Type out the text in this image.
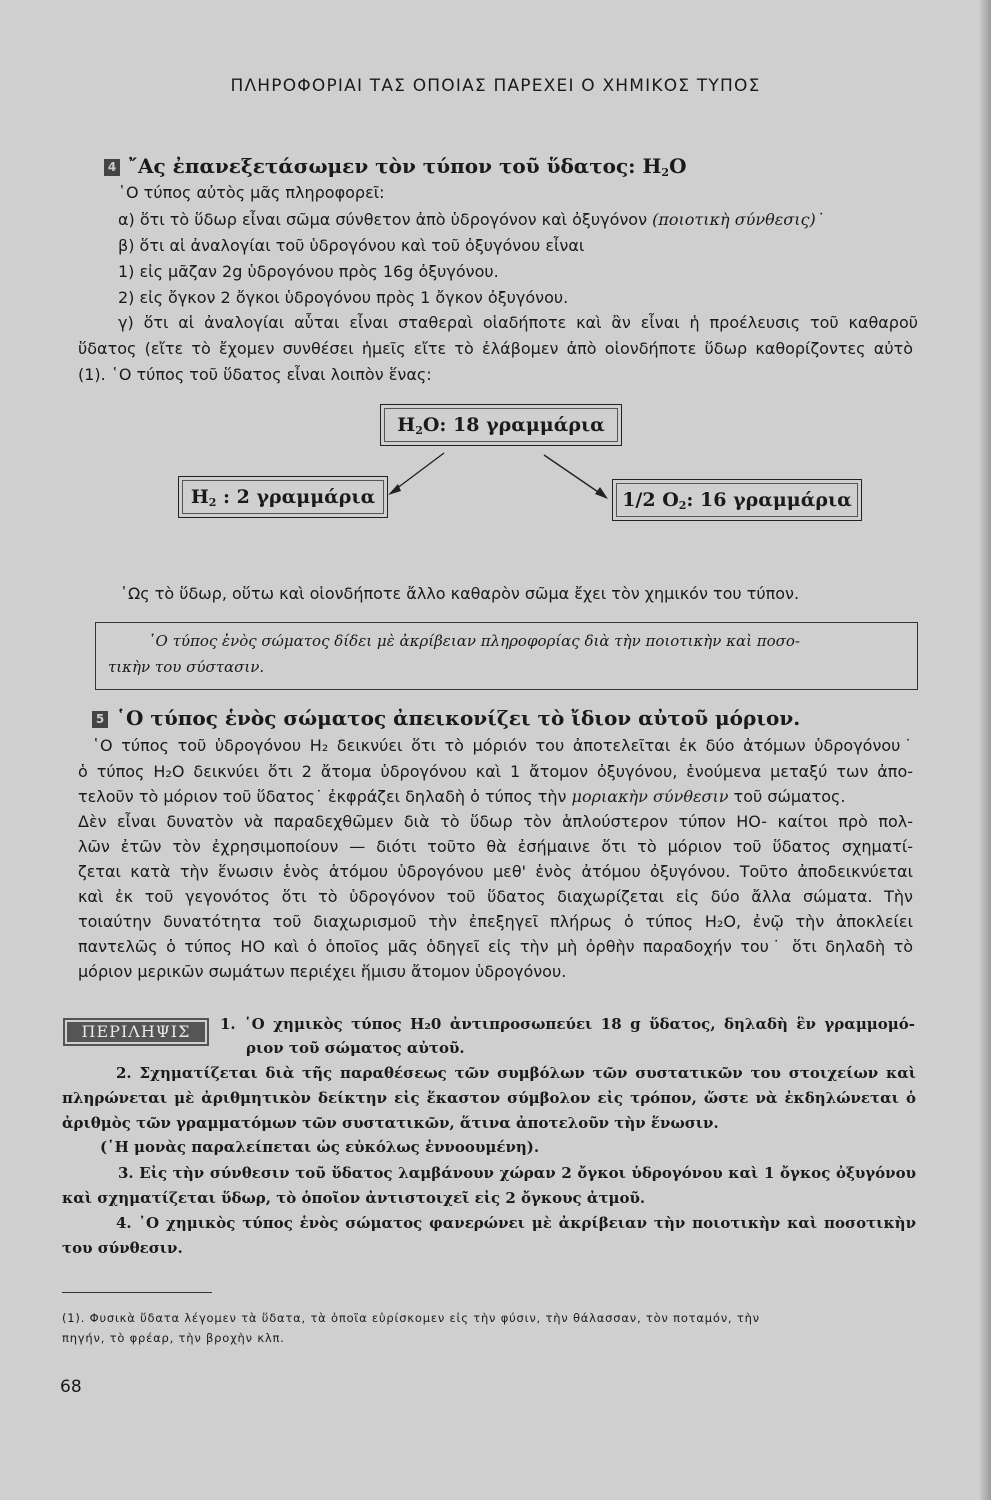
ΠΛΗΡΟΦΟΡΙΑΙ ΤΑΣ ΟΠΟΙΑΣ ΠΑΡΕΧΕΙ Ο ΧΗΜΙΚΟΣ ΤΥΠΟΣ
4 ῎Ας ἐπανεξετάσωμεν τὸν τύπον τοῦ ὕδατος: $H_2O$
῾Ο τύπος αὐτὸς μᾶς πληροφορεῖ:
α) ὅτι τὸ ὕδωρ εἶναι σῶμα σύνθετον ἀπὸ ὑδρογόνον καὶ ὀξυγόνον (ποιοτικὴ σύνθεσις)˙
β) ὅτι αἱ ἀναλογίαι τοῦ ὑδρογόνου καὶ τοῦ ὀξυγόνου εἶναι
1) εἰς μᾶζαν 2g ὑδρογόνου πρὸς 16g ὀξυγόνου.
2) εἰς ὄγκον 2 ὄγκοι ὑδρογόνου πρὸς 1 ὄγκον ὀξυγόνου.
γ) ὅτι αἱ ἀναλογίαι αὗται εἶναι σταθεραὶ οἱαδήποτε καὶ ἂν εἶναι ἡ προέλευσις τοῦ καθαροῦ
ὕδατος (εἴτε τὸ ἔχομεν συνθέσει ἡμεῖς εἴτε τὸ ἐλάβομεν ἀπὸ οἱονδήποτε ὕδωρ καθορίζοντες αὐτὸ
(1). ῾Ο τύπος τοῦ ὕδατος εἶναι λοιπὸν ἕνας:
$H_2O$: 18 γραμμάρια
$H_2$ : 2 γραμμάρια	1/2 $O_2$: 16 γραμμάρια
῾Ως τὸ ὕδωρ, οὕτω καὶ οἱονδήποτε ἄλλο καθαρὸν σῶμα ἔχει τὸν χημικόν του τύπον.
῾Ο τύπος ἑνὸς σώματος δίδει μὲ ἀκρίβειαν πληροφορίας διὰ τὴν ποιοτικὴν καὶ ποσο-
τικὴν του σύστασιν.
5 ῾Ο τύπος ἑνὸς σώματος ἀπεικονίζει τὸ ἴδιον αὐτοῦ μόριον.
῾Ο τύπος τοῦ ὑδρογόνου H₂ δεικνύει ὅτι τὸ μόριόν του ἀποτελεῖται ἐκ δύο ἀτόμων ὑδρογόνου˙
ὁ τύπος H₂O δεικνύει ὅτι 2 ἄτομα ὑδρογόνου καὶ 1 ἄτομον ὀξυγόνου, ἑνούμενα μεταξύ των ἀπο-
τελοῦν τὸ μόριον τοῦ ὕδατος˙ ἐκφράζει δηλαδὴ ὁ τύπος τὴν μοριακὴν σύνθεσιν τοῦ σώματος.
Δὲν εἶναι δυνατὸν νὰ παραδεχθῶμεν διὰ τὸ ὕδωρ τὸν ἁπλούστερον τύπον HO- καίτοι πρὸ πολ-
λῶν ἐτῶν τὸν ἐχρησιμοποίουν — διότι τοῦτο θὰ ἐσήμαινε ὅτι τὸ μόριον τοῦ ὕδατος σχηματί-
ζεται κατὰ τὴν ἕνωσιν ἑνὸς ἀτόμου ὑδρογόνου μεθ' ἑνὸς ἀτόμου ὀξυγόνου. Τοῦτο ἀποδεικνύεται
καὶ ἐκ τοῦ γεγονότος ὅτι τὸ ὑδρογόνον τοῦ ὕδατος διαχωρίζεται εἰς δύο ἄλλα σώματα. Τὴν
τοιαύτην δυνατότητα τοῦ διαχωρισμοῦ τὴν ἐπεξηγεῖ πλήρως ὁ τύπος H₂O, ἐνῷ τὴν ἀποκλείει
παντελῶς ὁ τύπος HO καὶ ὁ ὁποῖος μᾶς ὁδηγεῖ εἰς τὴν μὴ ὀρθὴν παραδοχήν του˙ ὅτι δηλαδὴ τὸ
μόριον μερικῶν σωμάτων περιέχει ἥμισυ ἄτομον ὑδρογόνου.
ΠΕΡΙΛΗΨΙΣ	1. ῾Ο χημικὸς τύπος H₂0 ἀντιπροσωπεύει 18 g ὕδατος, δηλαδὴ ἓν γραμμομό-
ριον τοῦ σώματος αὐτοῦ.
2. Σχηματίζεται διὰ τῆς παραθέσεως τῶν συμβόλων τῶν συστατικῶν του στοιχείων καὶ
πληρώνεται μὲ ἀριθμητικὸν δείκτην εἰς ἕκαστον σύμβολον εἰς τρόπον, ὥστε νὰ ἐκδηλώνεται ὁ
ἀριθμὸς τῶν γραμματόμων τῶν συστατικῶν, ἅτινα ἀποτελοῦν τὴν ἕνωσιν.
(῾Η μονὰς παραλείπεται ὡς εὐκόλως ἐννοουμένη).
3. Εἰς τὴν σύνθεσιν τοῦ ὕδατος λαμβάνουν χώραν 2 ὄγκοι ὑδρογόνου καὶ 1 ὄγκος ὀξυγόνου
καὶ σχηματίζεται ὕδωρ, τὸ ὁποῖον ἀντιστοιχεῖ εἰς 2 ὄγκους ἀτμοῦ.
4. ῾Ο χημικὸς τύπος ἑνὸς σώματος φανερώνει μὲ ἀκρίβειαν τὴν ποιοτικὴν καὶ ποσοτικὴν
του σύνθεσιν.
(1). Φυσικὰ ὕδατα λέγομεν τὰ ὕδατα, τὰ ὁποῖα εὑρίσκομεν εἰς τὴν φύσιν, τὴν θάλασσαν, τὸν ποταμόν, τὴν
πηγήν, τὸ φρέαρ, τὴν βροχὴν κλπ.
68
